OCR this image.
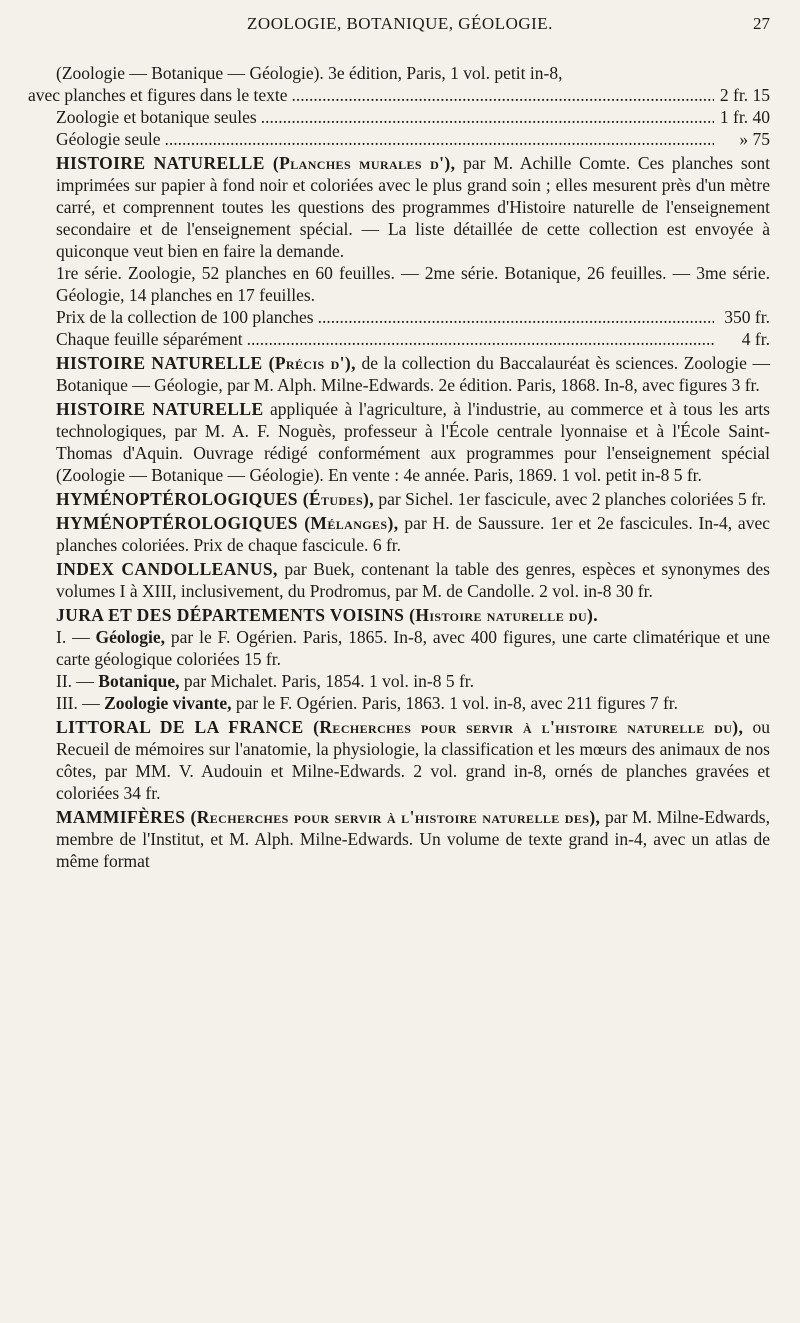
ZOOLOGIE, BOTANIQUE, GÉOLOGIE.	27

(Zoologie — Botanique — Géologie). 3e édition, Paris, 1 vol. petit in-8,

avec planches et figures dans le texte .....	2 fr. 15
Zoologie et botanique seules .....	1 fr. 40
Géologie seule .....	» 75

HISTOIRE NATURELLE (Planches murales d'), par M. Achille Comte. Ces planches sont imprimées sur papier à fond noir et coloriées avec le plus grand soin ; elles mesurent près d'un mètre carré, et comprennent toutes les questions des programmes d'Histoire naturelle de l'enseignement secondaire et de l'enseignement spécial. — La liste détaillée de cette collection est envoyée à quiconque veut bien en faire la demande.

1re série. Zoologie, 52 planches en 60 feuilles. — 2me série. Botanique, 26 feuilles. — 3me série. Géologie, 14 planches en 17 feuilles.

Prix de la collection de 100 planches .....	350 fr.
Chaque feuille séparément .....	4 fr.

HISTOIRE NATURELLE (Précis d'), de la collection du Baccalauréat ès sciences. Zoologie — Botanique — Géologie, par M. Alph. Milne-Edwards. 2e édition. Paris, 1868. In-8, avec figures 3 fr.

HISTOIRE NATURELLE appliquée à l'agriculture, à l'industrie, au commerce et à tous les arts technologiques, par M. A. F. Noguès, professeur à l'École centrale lyonnaise et à l'École Saint-Thomas d'Aquin. Ouvrage rédigé conformément aux programmes pour l'enseignement spécial (Zoologie — Botanique — Géologie). En vente : 4e année. Paris, 1869. 1 vol. petit in-8 5 fr.

HYMÉNOPTÉROLOGIQUES (Études), par Sichel. 1er fascicule, avec 2 planches coloriées 5 fr.

HYMÉNOPTÉROLOGIQUES (Mélanges), par H. de Saussure. 1er et 2e fascicules. In-4, avec planches coloriées. Prix de chaque fascicule. 6 fr.

INDEX CANDOLLEANUS, par Buek, contenant la table des genres, espèces et synonymes des volumes I à XIII, inclusivement, du Prodromus, par M. de Candolle. 2 vol. in-8 30 fr.

JURA ET DES DÉPARTEMENTS VOISINS (Histoire naturelle du).

I. — Géologie, par le F. Ogérien. Paris, 1865. In-8, avec 400 figures, une carte climatérique et une carte géologique coloriées 15 fr.

II. — Botanique, par Michalet. Paris, 1854. 1 vol. in-8 5 fr.

III. — Zoologie vivante, par le F. Ogérien. Paris, 1863. 1 vol. in-8, avec 211 figures 7 fr.

LITTORAL DE LA FRANCE (Recherches pour servir à l'histoire naturelle du), ou Recueil de mémoires sur l'anatomie, la physiologie, la classification et les mœurs des animaux de nos côtes, par MM. V. Audouin et Milne-Edwards. 2 vol. grand in-8, ornés de planches gravées et coloriées 34 fr.

MAMMIFÈRES (Recherches pour servir à l'histoire naturelle des), par M. Milne-Edwards, membre de l'Institut, et M. Alph. Milne-Edwards. Un volume de texte grand in-4, avec un atlas de même format
